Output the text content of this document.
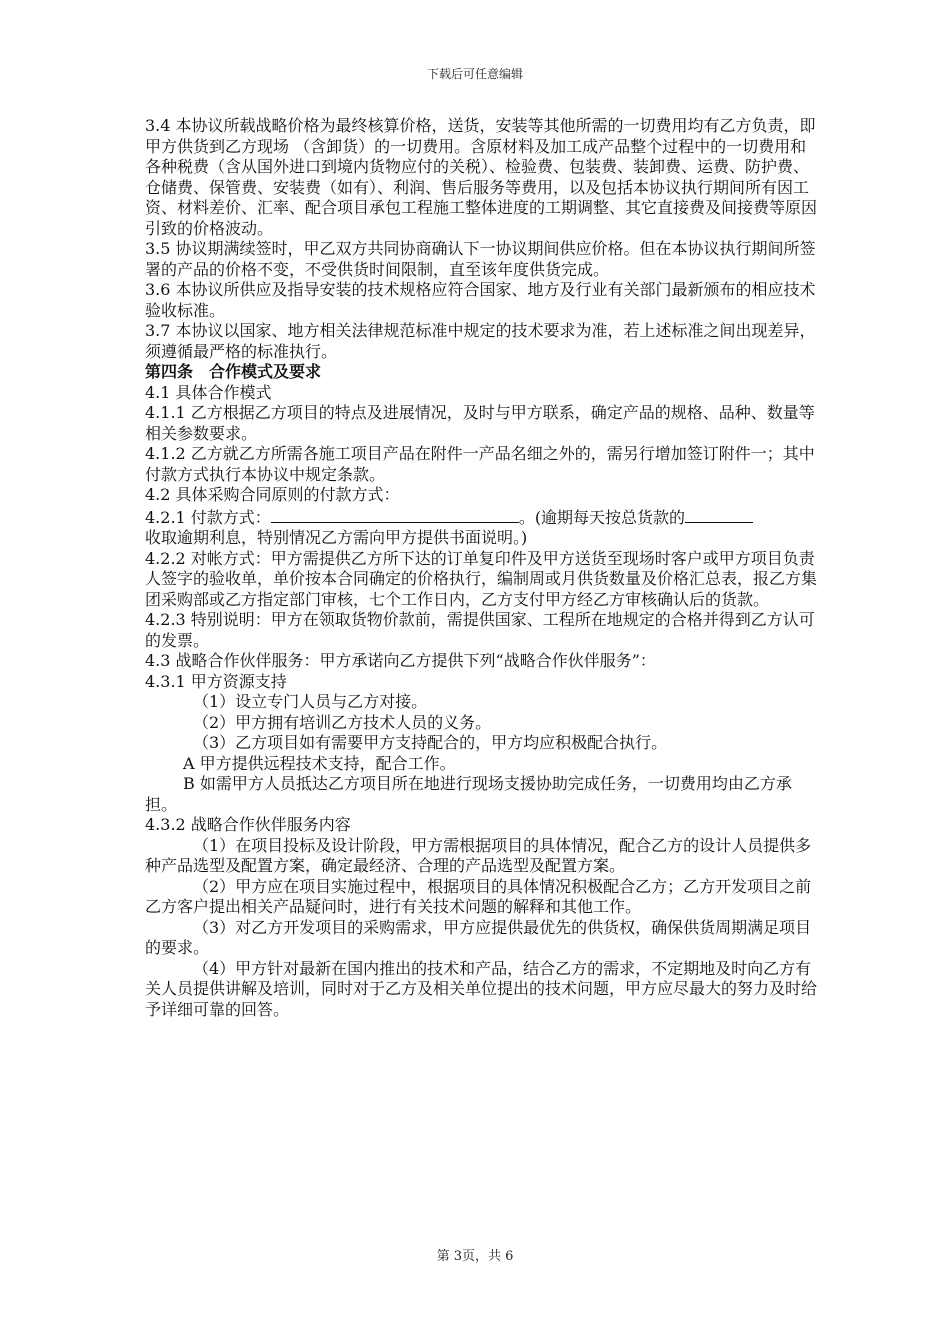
下载后可任意编辑

3.4 本协议所载战略价格为最终核算价格，送货，安装等其他所需的一切费用均有乙方负责，即 甲方供货到乙方现场 （含卸货）的一切费用。含原材料及加工成产品整个过程中的一切费用和各种税费（含从国外进口到境内货物应付的关税）、检验费、包装费、装卸费、运费、防护费、仓储费、保管费、安装费（如有）、利润、售后服务等费用，以及包括本协议执行期间所有因工资、材料差价、汇率、配合项目承包工程施工整体进度的工期调整、其它直接费及间接费等原因引致的价格波动。

3.5 协议期满续签时，甲乙双方共同协商确认下一协议期间供应价格。但在本协议执行期间所签署的产品的价格不变，不受供货时间限制，直至该年度供货完成。

3.6 本协议所供应及指导安装的技术规格应符合国家、地方及行业有关部门最新颁布的相应技术验收标准。

3.7 本协议以国家、地方相关法律规范标准中规定的技术要求为准，若上述标准之间出现差异，须遵循最严格的标准执行。

第四条　合作模式及要求

4.1 具体合作模式

4.1.1 乙方根据乙方项目的特点及进展情况，及时与甲方联系，确定产品的规格、品种、数量等相关参数要求。

4.1.2 乙方就乙方所需各施工项目产品在附件一产品名细之外的，需另行增加签订附件一；其中付款方式执行本协议中规定条款。

4.2 具体采购合同原则的付款方式：

4.2.1 付款方式：	。(逾期每天按总货款的

收取逾期利息，特别情况乙方需向甲方提供书面说明。)

4.2.2 对帐方式：甲方需提供乙方所下达的订单复印件及甲方送货至现场时客户或甲方项目负责人签字的验收单，单价按本合同确定的价格执行，编制周或月供货数量及价格汇总表，报乙方集团采购部或乙方指定部门审核，七个工作日内，乙方支付甲方经乙方审核确认后的货款。

4.2.3 特别说明：甲方在领取货物价款前，需提供国家、工程所在地规定的合格并得到乙方认可的发票。

4.3 战略合作伙伴服务：甲方承诺向乙方提供下列“战略合作伙伴服务”：

4.3.1 甲方资源支持

（1）设立专门人员与乙方对接。

（2）甲方拥有培训乙方技术人员的义务。

（3）乙方项目如有需要甲方支持配合的，甲方均应积极配合执行。

A 甲方提供远程技术支持，配合工作。

B 如需甲方人员抵达乙方项目所在地进行现场支援协助完成任务，一切费用均由乙方承担。

4.3.2 战略合作伙伴服务内容

（1）在项目投标及设计阶段，甲方需根据项目的具体情况，配合乙方的设计人员提供多种产品选型及配置方案，确定最经济、合理的产品选型及配置方案。

（2）甲方应在项目实施过程中，根据项目的具体情况积极配合乙方；乙方开发项目之前乙方客户提出相关产品疑问时，进行有关技术问题的解释和其他工作。

（3）对乙方开发项目的采购需求，甲方应提供最优先的供货权，确保供货周期满足项目的要求。

（4）甲方针对最新在国内推出的技术和产品，结合乙方的需求，不定期地及时向乙方有关人员提供讲解及培训，同时对于乙方及相关单位提出的技术问题，甲方应尽最大的努力及时给予详细可靠的回答。

第 3页，共 6
